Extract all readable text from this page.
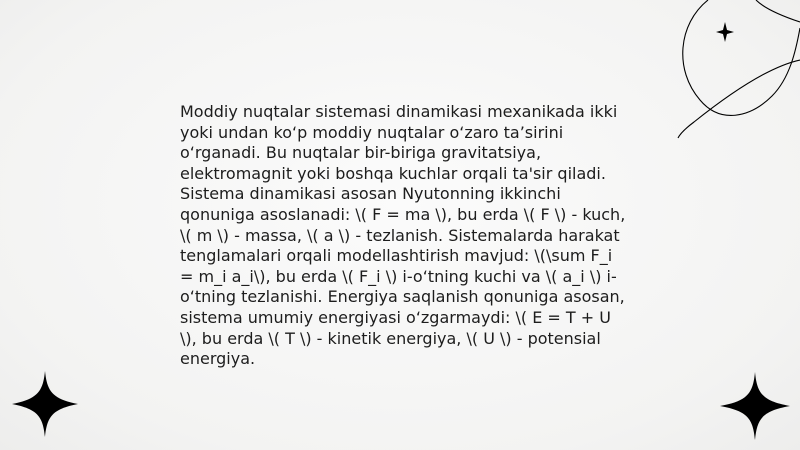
Moddiy nuqtalar sistemasi dinamikasi mexanikada ikki yoki undan ko‘p moddiy nuqtalar o‘zaro ta’sirini o‘rganadi. Bu nuqtalar bir-biriga gravitatsiya, elektromagnit yoki boshqa kuchlar orqali ta'sir qiladi. Sistema dinamikasi asosan Nyutonning ikkinchi qonuniga asoslanadi: \( F = ma \), bu erda \( F \) - kuch, \( m \) - massa, \( a \) - tezlanish. Sistemalarda harakat tenglamalari orqali modellashtirish mavjud: \(\sum F_i = m_i a_i\), bu erda \( F_i \) i-o‘tning kuchi va \( a_i \) i-o‘tning tezlanishi. Energiya saqlanish qonuniga asosan, sistema umumiy energiyasi o‘zgarmaydi: \( E = T + U \), bu erda \( T \) - kinetik energiya, \( U \) - potensial energiya.
